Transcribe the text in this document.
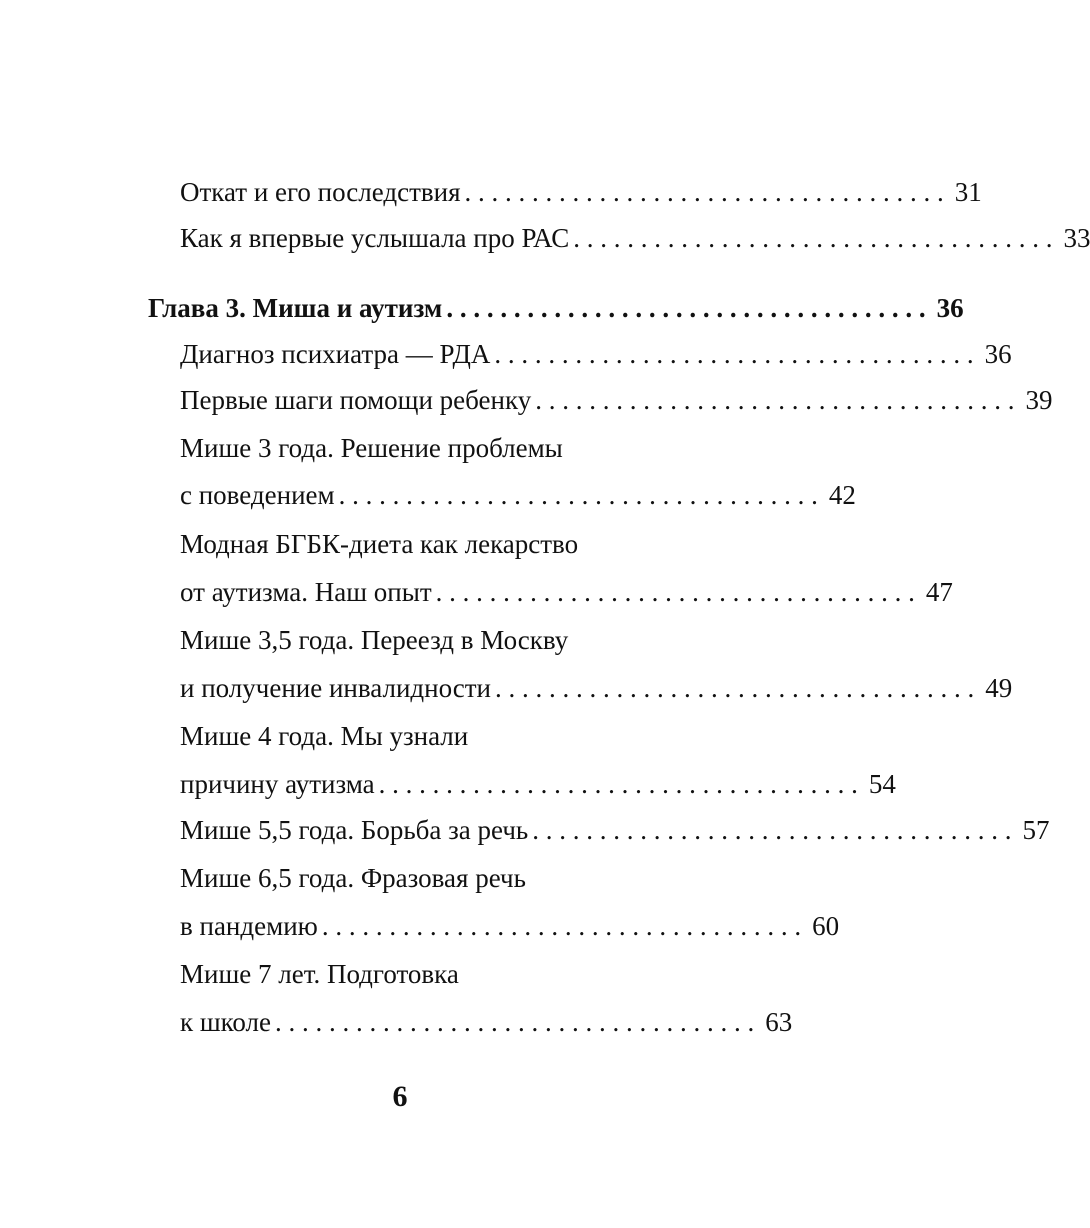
Откат и его последствия . . . . . . . . . . . . . . . . . . . . . . . . . . . . . . . . . . . . 31
Как я впервые услышала про РАС . . . . . . . . . . . . . . . . . . . . . . . . . . . . . . . . . . . . 33
Глава 3. Миша и аутизм . . . . . . . . . . . . . . . . . . . . . . . . . . . . . . . . . . . . 36
Диагноз психиатра — РДА . . . . . . . . . . . . . . . . . . . . . . . . . . . . . . . . . . . . 36
Первые шаги помощи ребенку . . . . . . . . . . . . . . . . . . . . . . . . . . . . . . . . . . . . 39
Мише 3 года. Решение проблемы
с поведением . . . . . . . . . . . . . . . . . . . . . . . . . . . . . . . . . . . . 42
Модная БГБК-диета как лекарство
от аутизма. Наш опыт . . . . . . . . . . . . . . . . . . . . . . . . . . . . . . . . . . . . 47
Мише 3,5 года. Переезд в Москву
и получение инвалидности . . . . . . . . . . . . . . . . . . . . . . . . . . . . . . . . . . . . 49
Мише 4 года. Мы узнали
причину аутизма . . . . . . . . . . . . . . . . . . . . . . . . . . . . . . . . . . . . 54
Мише 5,5 года. Борьба за речь . . . . . . . . . . . . . . . . . . . . . . . . . . . . . . . . . . . . 57
Мише 6,5 года. Фразовая речь
в пандемию . . . . . . . . . . . . . . . . . . . . . . . . . . . . . . . . . . . . 60
Мише 7 лет. Подготовка
к школе . . . . . . . . . . . . . . . . . . . . . . . . . . . . . . . . . . . . 63
6
